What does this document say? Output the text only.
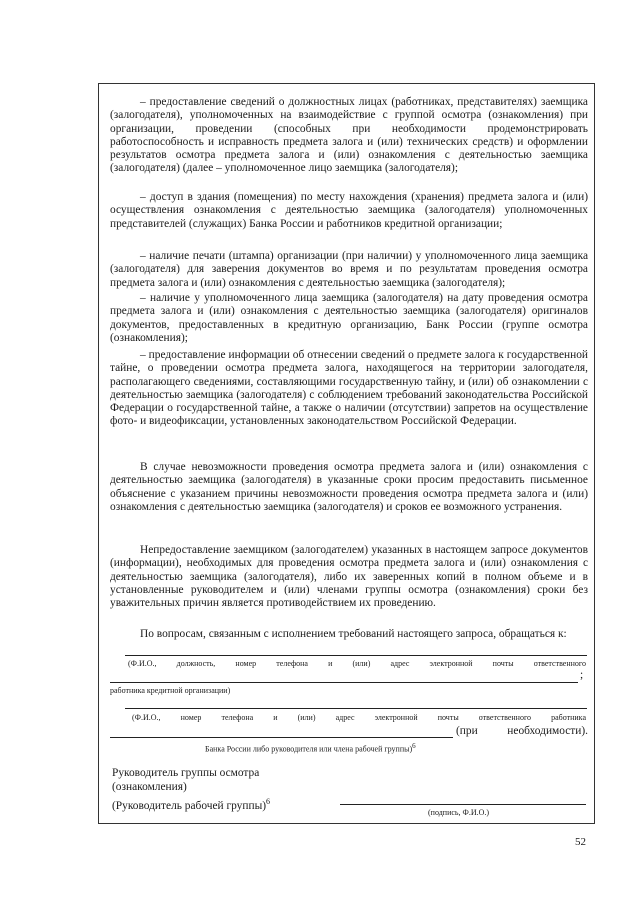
– предоставление сведений о должностных лицах (работниках, представителях) заемщика (залогодателя), уполномоченных на взаимодействие с группой осмотра (ознакомления) при организации, проведении (способных при необходимости продемонстрировать работоспособность и исправность предмета залога и (или) технических средств) и оформлении результатов осмотра предмета залога и (или) ознакомления с деятельностью заемщика (залогодателя) (далее – уполномоченное лицо заемщика (залогодателя);

– доступ в здания (помещения) по месту нахождения (хранения) предмета залога и (или) осуществления ознакомления с деятельностью заемщика (залогодателя) уполномоченных представителей (служащих) Банка России и работников кредитной организации;

– наличие печати (штампа) организации (при наличии) у уполномоченного лица заемщика (залогодателя) для заверения документов во время и по результатам проведения осмотра предмета залога и (или) ознакомления с деятельностью заемщика (залогодателя);

– наличие у уполномоченного лица заемщика (залогодателя) на дату проведения осмотра предмета залога и (или) ознакомления с деятельностью заемщика (залогодателя) оригиналов документов, предоставленных в кредитную организацию, Банк России (группе осмотра (ознакомления);

– предоставление информации об отнесении сведений о предмете залога к государственной тайне, о проведении осмотра предмета залога, находящегося на территории залогодателя, располагающего сведениями, составляющими государственную тайну, и (или) об ознакомлении с деятельностью заемщика (залогодателя) с соблюдением требований законодательства Российской Федерации о государственной тайне, а также о наличии (отсутствии) запретов на осуществление фото- и видеофиксации, установленных законодательством Российской Федерации.

В случае невозможности проведения осмотра предмета залога и (или) ознакомления с деятельностью заемщика (залогодателя) в указанные сроки просим предоставить письменное объяснение с указанием причины невозможности проведения осмотра предмета залога и (или) ознакомления с деятельностью заемщика (залогодателя) и сроков ее возможного устранения.

Непредоставление заемщиком (залогодателем) указанных в настоящем запросе документов (информации), необходимых для проведения осмотра предмета залога и (или) ознакомления с деятельностью заемщика (залогодателя), либо их заверенных копий в полном объеме и в установленные руководителем и (или) членами группы осмотра (ознакомления) сроки без уважительных причин является противодействием их проведению.

По вопросам, связанным с исполнением требований настоящего запроса, обращаться к:

(Ф.И.О., должность, номер телефона и (или) адрес электронной почты ответственного
;
работника кредитной организации)
(Ф.И.О., номер телефона и (или) адрес электронной почты ответственного работника
(при необходимости).
Банка России либо руководителя или члена рабочей группы)$^6$
Руководитель группы осмотра
(ознакомления)
(Руководитель рабочей группы)$^6$
(подпись, Ф.И.О.)
52
